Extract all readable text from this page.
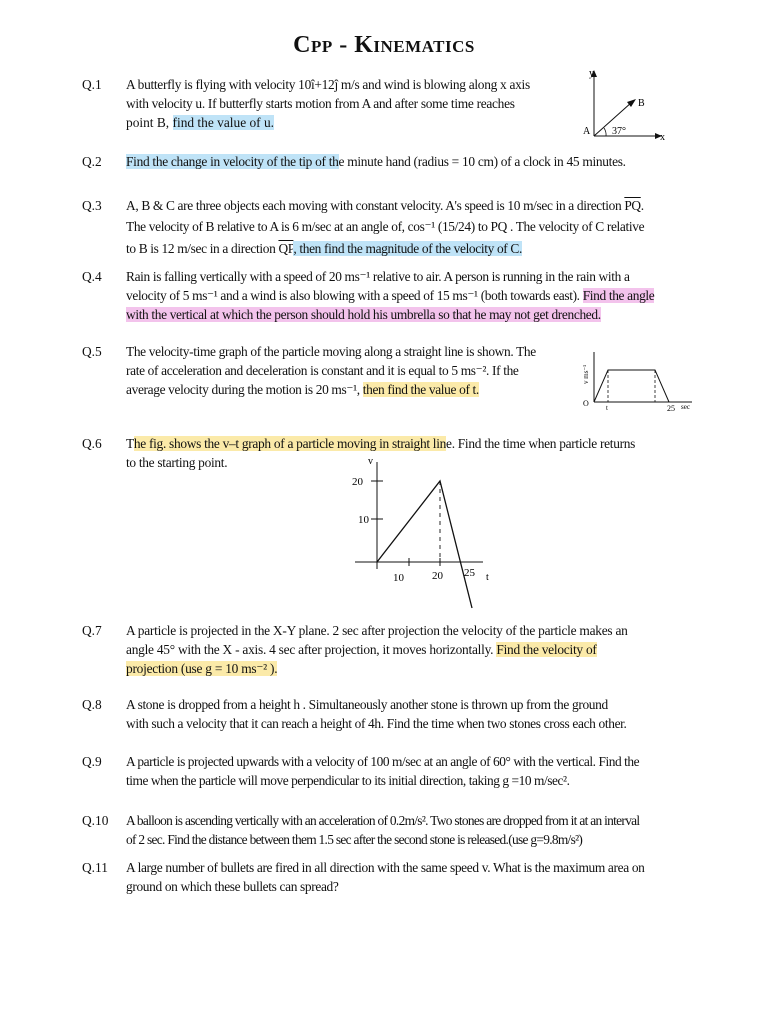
Cpp - Kinematics
Q.1	A butterfly is flying with velocity 10î+12ĵ m/s and wind is blowing along x axis
with velocity u. If butterfly starts motion from A and after some time reaches
point B, find the value of u.
y
x
A
B
37°
Q.2	Find the change in velocity of the tip of the minute hand (radius = 10 cm) of a clock in 45 minutes.
Q.3	A, B & C are three objects each moving with constant velocity. A's speed is 10 m/sec in a direction $\overline{PQ}$.
The velocity of B relative to A is 6 m/sec at an angle of, cos⁻¹ (15/24) to PQ . The velocity of C relative
to B is 12 m/sec in a direction $\overline{QP}$, then find the magnitude of the velocity of C.
Q.4	Rain is falling vertically with a speed of 20 ms⁻¹ relative to air. A person is running in the rain with a
velocity of 5 ms⁻¹ and a wind is also blowing with a speed of 15 ms⁻¹ (both towards east). Find the angle
with the vertical at which the person should hold his umbrella so that he may not get drenched.
Q.5	The velocity-time graph of the particle moving along a straight line is shown. The
rate of acceleration and deceleration is constant and it is equal to 5 ms⁻². If the
average velocity during the motion is 20 ms⁻¹, then find the value of t.
v ms⁻¹
O t	25 sec
Q.6	The fig. shows the v–t graph of a particle moving in straight line. Find the time when particle returns
to the starting point.	v
t
20
10
10	20 25
Q.7	A particle is projected in the X-Y plane. 2 sec after projection the velocity of the particle makes an
angle 45° with the X - axis. 4 sec after projection, it moves horizontally. Find the velocity of
projection (use g = 10 ms⁻² ).
Q.8	A stone is dropped from a height h . Simultaneously another stone is thrown up from the ground
with such a velocity that it can reach a height of 4h. Find the time when two stones cross each other.
Q.9	A particle is projected upwards with a velocity of 100 m/sec at an angle of 60° with the vertical. Find the
time when the particle will move perpendicular to its initial direction, taking g =10 m/sec².
Q.10	A balloon is ascending vertically with an acceleration of 0.2m/s². Two stones are dropped from it at an interval
of 2 sec. Find the distance between them 1.5 sec after the second stone is released.(use g=9.8m/s²)
Q.11	A large number of bullets are fired in all direction with the same speed v. What is the maximum area on
ground on which these bullets can spread?
